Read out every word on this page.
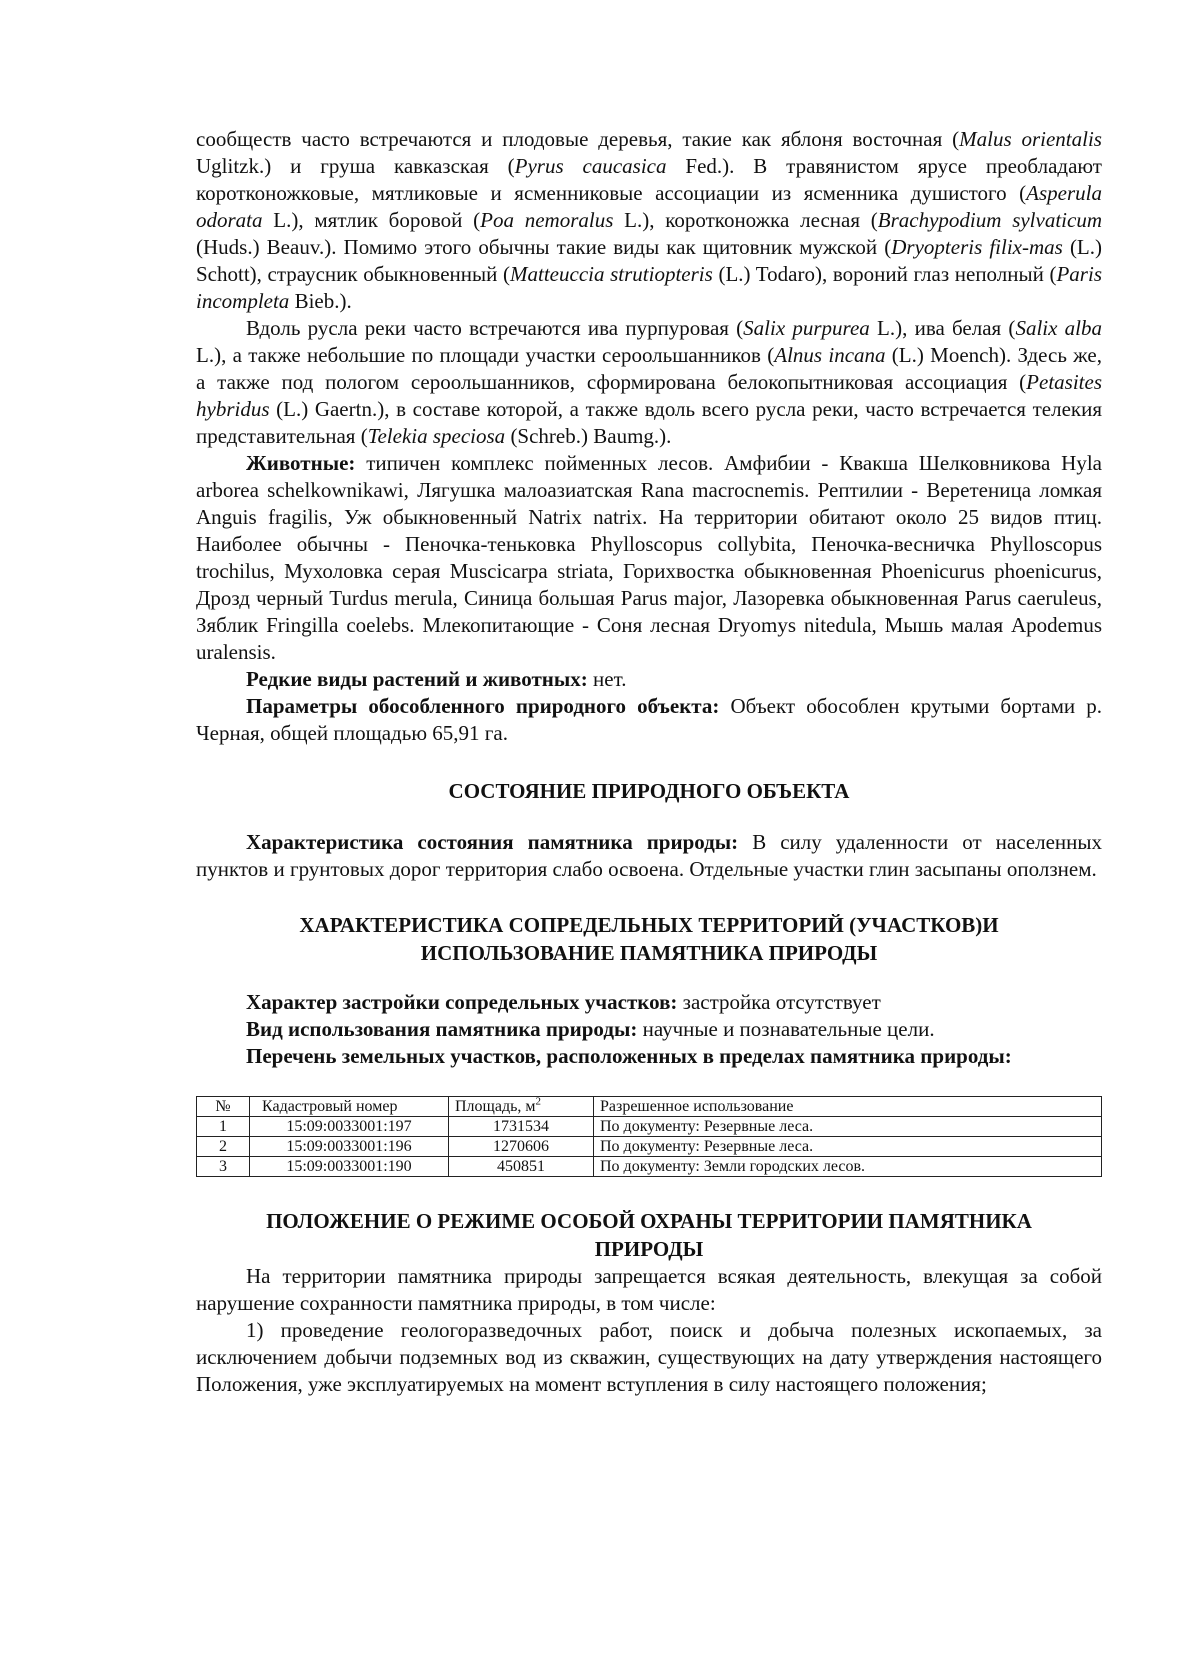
сообществ часто встречаются и плодовые деревья, такие как яблоня восточная (Malus orientalis Uglitzk.) и груша кавказская (Pyrus caucasica Fed.). В травянистом ярусе преобладают коротконожковые, мятликовые и ясменниковые ассоциации из ясменника душистого (Asperula odorata L.), мятлик боровой (Poa nemoralus L.), коротконожка лесная (Brachypodium sylvaticum (Huds.) Beauv.). Помимо этого обычны такие виды как щитовник мужской (Dryopteris filix-mas (L.) Schott), страусник обыкновенный (Matteuccia strutiopteris (L.) Todaro), вороний глаз неполный (Paris incompleta Bieb.).

Вдоль русла реки часто встречаются ива пурпуровая (Salix purpurea L.), ива белая (Salix alba L.), а также небольшие по площади участки сероольшанников (Alnus incana (L.) Moench). Здесь же, а также под пологом сероольшанников, сформирована белокопытниковая ассоциация (Petasites hybridus (L.) Gaertn.), в составе которой, а также вдоль всего русла реки, часто встречается телекия представительная (Telekia speciosa (Schreb.) Baumg.).

Животные: типичен комплекс пойменных лесов. Амфибии - Квакша Шелковникова Hyla arborea schelkownikawi, Лягушка малоазиатская Rana macrocnemis. Рептилии - Веретеница ломкая Anguis fragilis, Уж обыкновенный Natrix natrix. На территории обитают около 25 видов птиц. Наиболее обычны - Пеночка-теньковка Phylloscopus collybita, Пеночка-весничка Phylloscopus trochilus, Мухоловка серая Muscicarpa striata, Горихвостка обыкновенная Phoenicurus phoenicurus, Дрозд черный Turdus merula, Синица большая Parus major, Лазоревка обыкновенная Parus caeruleus, Зяблик Fringilla coelebs. Млекопитающие - Соня лесная Dryomys nitedula, Мышь малая Apodemus uralensis.

Редкие виды растений и животных: нет.

Параметры обособленного природного объекта: Объект обособлен крутыми бортами р. Черная, общей площадью 65,91 га.

СОСТОЯНИЕ ПРИРОДНОГО ОБЪЕКТА

Характеристика состояния памятника природы: В силу удаленности от населенных пунктов и грунтовых дорог территория слабо освоена. Отдельные участки глин засыпаны оползнем.

ХАРАКТЕРИСТИКА СОПРЕДЕЛЬНЫХ ТЕРРИТОРИЙ (УЧАСТКОВ)И
ИСПОЛЬЗОВАНИЕ ПАМЯТНИКА ПРИРОДЫ

Характер застройки сопредельных участков: застройка отсутствует

Вид использования памятника природы: научные и познавательные цели.

Перечень земельных участков, расположенных в пределах памятника природы:

№	Кадастровый номер	Площадь, $м^2$	Разрешенное использование
1	15:09:0033001:197	1731534	По документу: Резервные леса.
2	15:09:0033001:196	1270606	По документу: Резервные леса.
3	15:09:0033001:190	450851	По документу: Земли городских лесов.
ПОЛОЖЕНИЕ О РЕЖИМЕ ОСОБОЙ ОХРАНЫ ТЕРРИТОРИИ ПАМЯТНИКА
ПРИРОДЫ

На территории памятника природы запрещается всякая деятельность, влекущая за собой нарушение сохранности памятника природы, в том числе:

1) проведение геологоразведочных работ, поиск и добыча полезных ископаемых, за исключением добычи подземных вод из скважин, существующих на дату утверждения настоящего Положения, уже эксплуатируемых на момент вступления в силу настоящего положения;
